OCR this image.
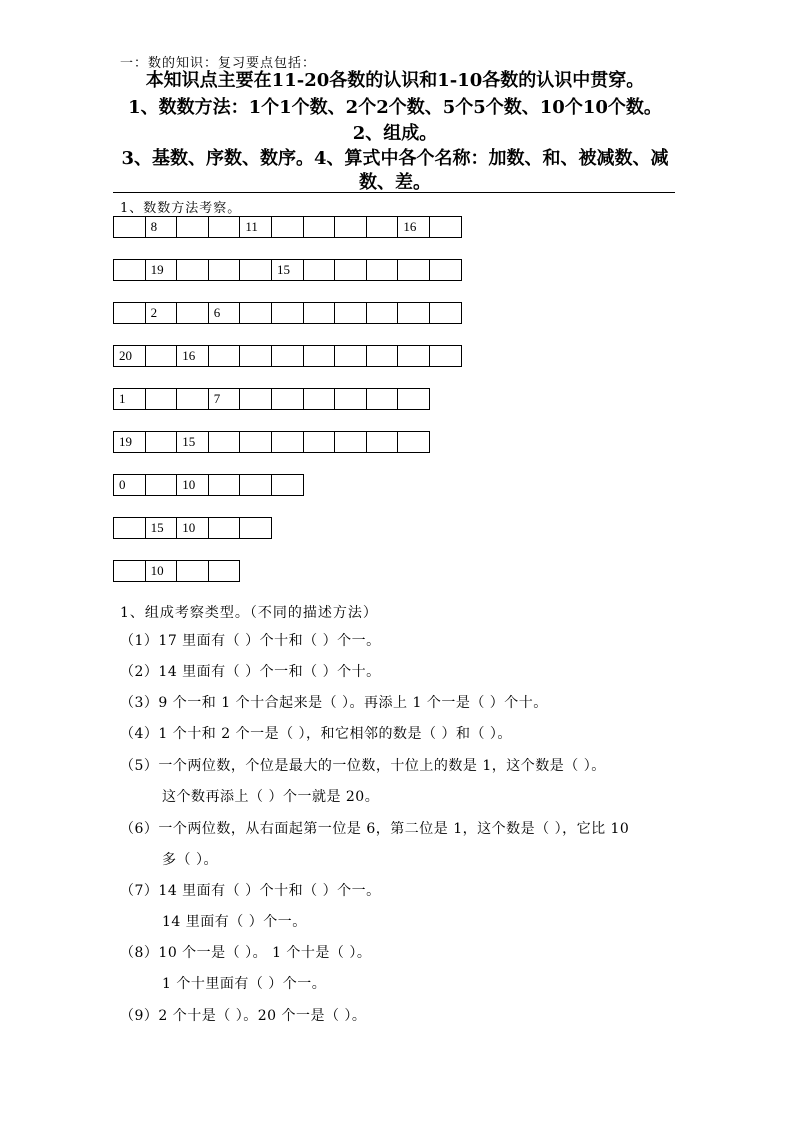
一：数的知识：复习要点包括：
本知识点主要在11-20各数的认识和1-10各数的认识中贯穿。
1、数数方法：1个1个数、2个2个数、5个5个数、10个10个数。
2、组成。
3、基数、序数、数序。4、算式中各个名称：加数、和、被减数、减
数、差。
1、数数方法考察。
	8			11					16	
	19				15					
	2		6							
20		16								
1			7						
19		15							
0		10			
	15	10		
	10		
1、组成考察类型。（不同的描述方法）
（1）17 里面有（ ）个十和（ ）个一。
（2）14 里面有（ ）个一和（ ）个十。
（3）9 个一和 1 个十合起来是（ ）。再添上 1 个一是（ ）个十。
（4）1 个十和 2 个一是（ ），和它相邻的数是（ ）和（ ）。
（5）一个两位数，个位是最大的一位数，十位上的数是 1，这个数是（ ）。
这个数再添上（ ）个一就是 20。
（6）一个两位数，从右面起第一位是 6，第二位是 1，这个数是（ ），它比 10
多（ ）。
（7）14 里面有（ ）个十和（ ）个一。
14 里面有（ ）个一。
（8）10 个一是（ ）。 1 个十是（ ）。
1 个十里面有（ ）个一。
（9）2 个十是（ ）。20 个一是（ ）。
